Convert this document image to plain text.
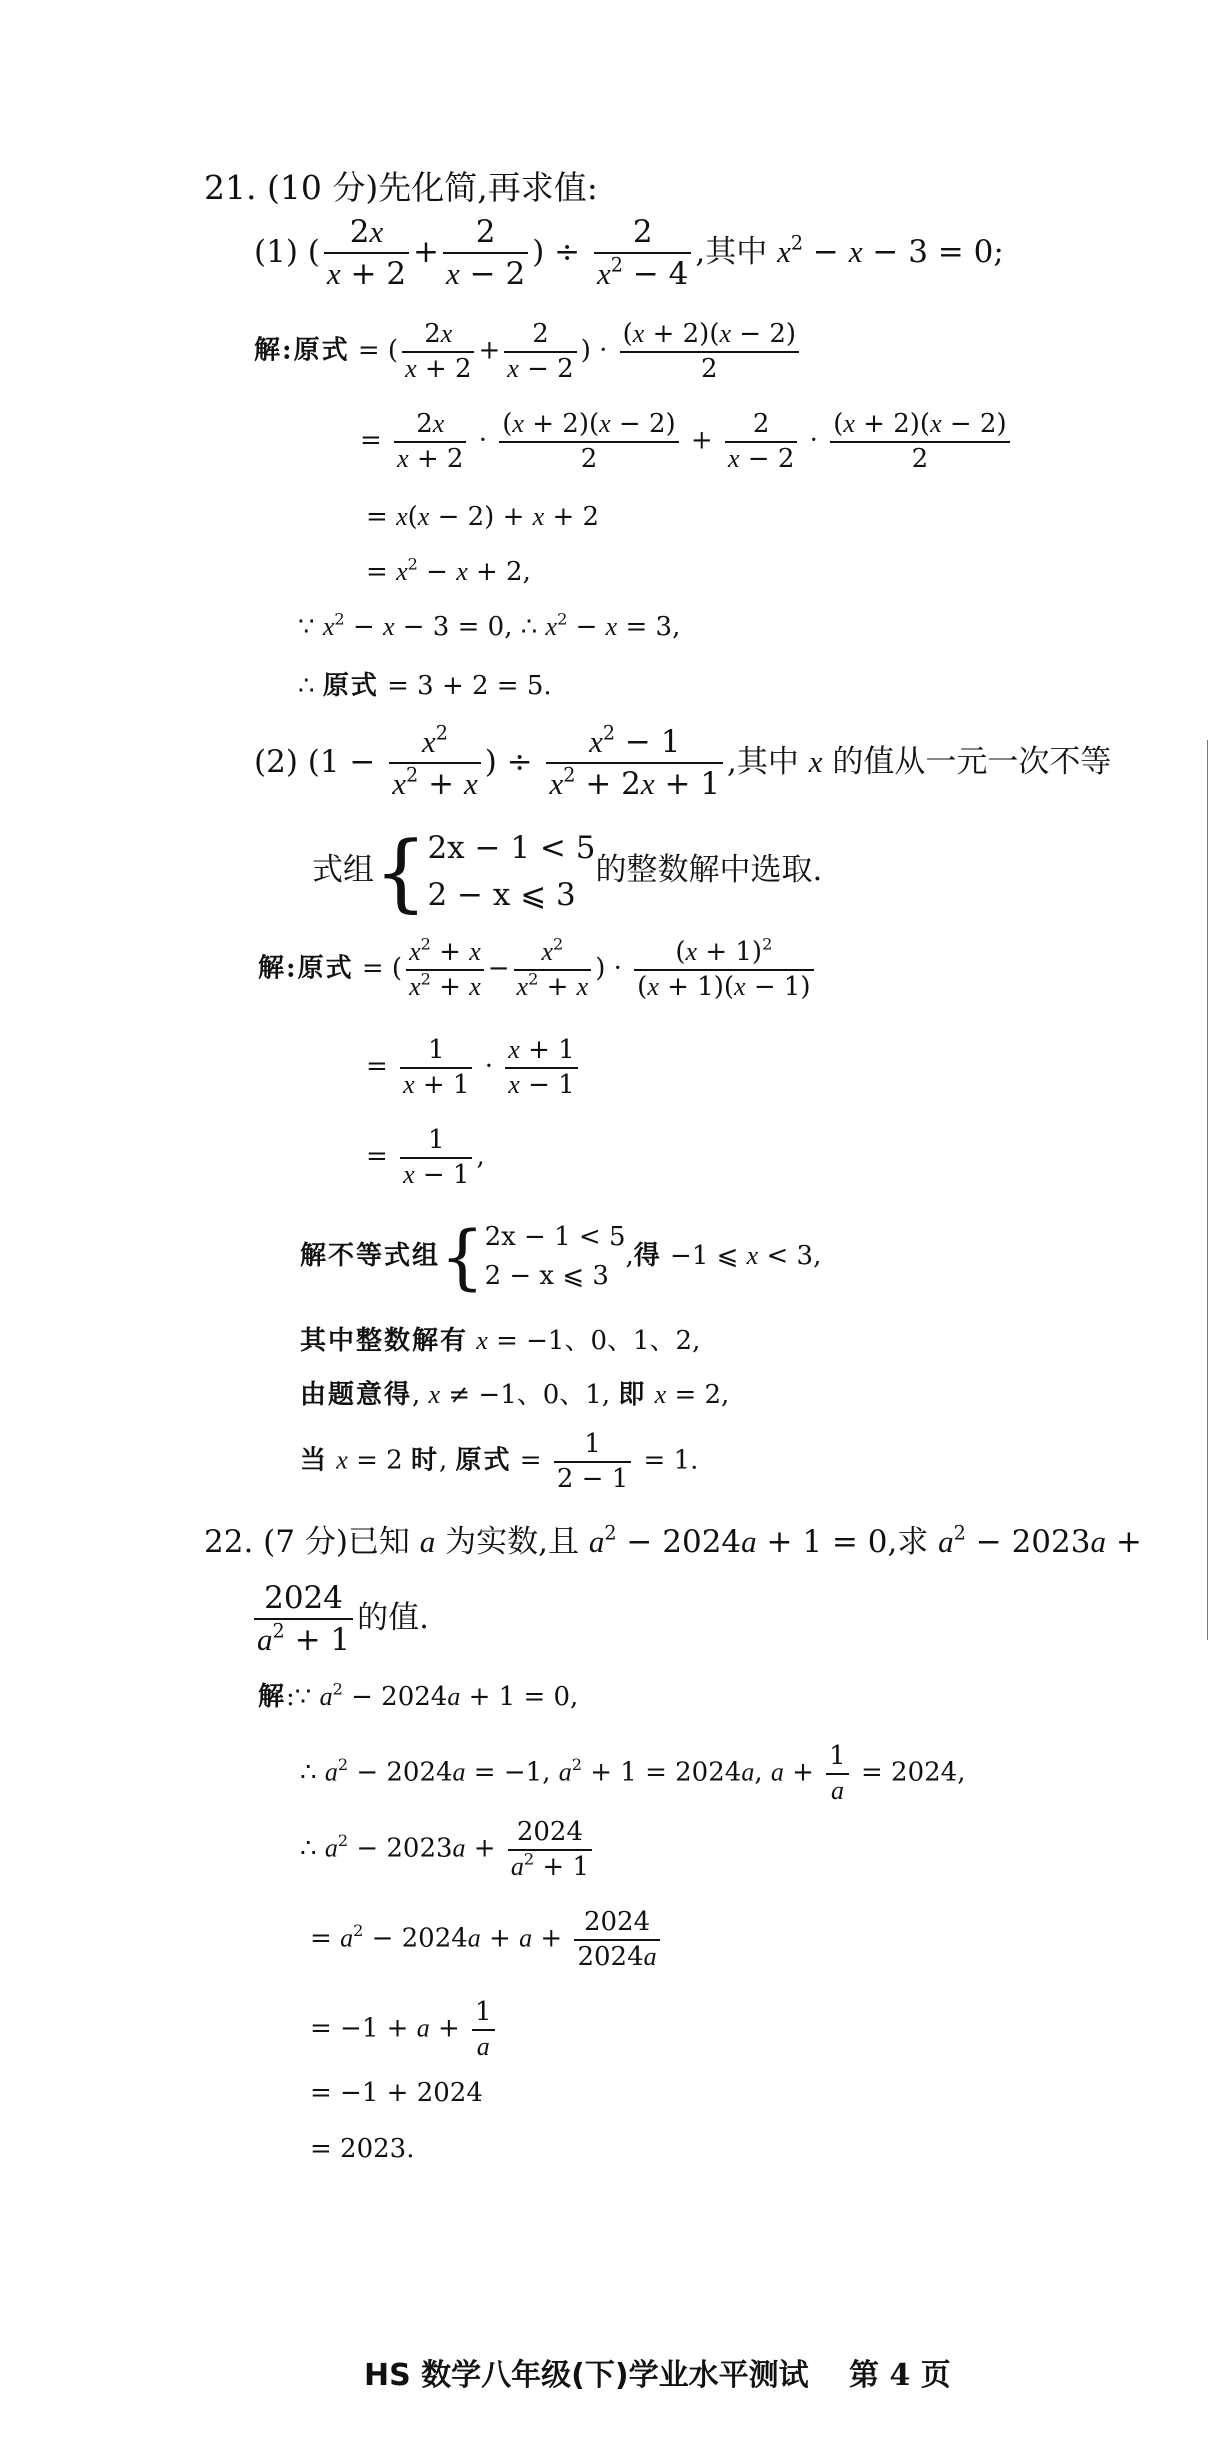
21. (10 分)先化简,再求值:
(1) ( $\frac{2x}{x + 2} + \frac{2}{x - 2}$ ) ÷ $\frac{2}{x^2 - 4}$ ,其中 $x^2 - x - 3 = 0$;
解:原式 = ( $\frac{2x}{x + 2} + \frac{2}{x - 2}$ ) · $\frac{(x + 2)(x - 2)}{2}$
= $\frac{2x}{x + 2} \cdot \frac{(x + 2)(x - 2)}{2} + \frac{2}{x - 2} \cdot \frac{(x + 2)(x - 2)}{2}$
= x(x − 2) + x + 2
= $x^2 - x + 2$,
∵ $x^2 - x - 3 = 0$, ∴ $x^2 - x = 3$,
∴ 原式 = 3 + 2 = 5.
(2) ($1 - \frac{x^2}{x^2 + x}$ ) ÷ $\frac{x^2 - 1}{x^2 + 2x + 1}$ ,其中 x 的值从一元一次不等
式组{ 2x − 1 < 5
2 − x ⩽ 3
的整数解中选取.
解:原式 = ( $\frac{x^2 + x}{x^2 + x} - \frac{x^2}{x^2 + x}$ ) · $\frac{(x + 1)^2}{(x + 1)(x - 1)}$
= $\frac{1}{x + 1} \cdot \frac{x + 1}{x - 1}$
= $\frac{1}{x - 1}$ ,
解不等式组{ 2x − 1 < 5
2 − x ⩽ 3
,得 −1 ⩽ x < 3,
其中整数解有 x = −1、0、1、2,
由题意得, x ≠ −1、0、1, 即 x = 2,
当 x = 2 时, 原式 = $\frac{1}{2 - 1} = 1$.
22. (7 分)已知 a 为实数,且 $a^2 - 2024a + 1 = 0$,求 $a^2 - 2023a$ +
$\frac{2024}{a^2 + 1}$ 的值.
解:∵ $a^2 - 2024a + 1 = 0$,
∴ $a^2 - 2024a = -1$, $a^2 + 1 = 2024a$, $a + \frac{1}{a} = 2024$,
∴ $a^2 - 2023a + \frac{2024}{a^2 + 1}$
= $a^2 - 2024a + a + \frac{2024}{2024a}$
= $-1 + a + \frac{1}{a}$
= −1 + 2024
= 2023.
HS 数学八年级(下)学业水平测试 第 4 页
